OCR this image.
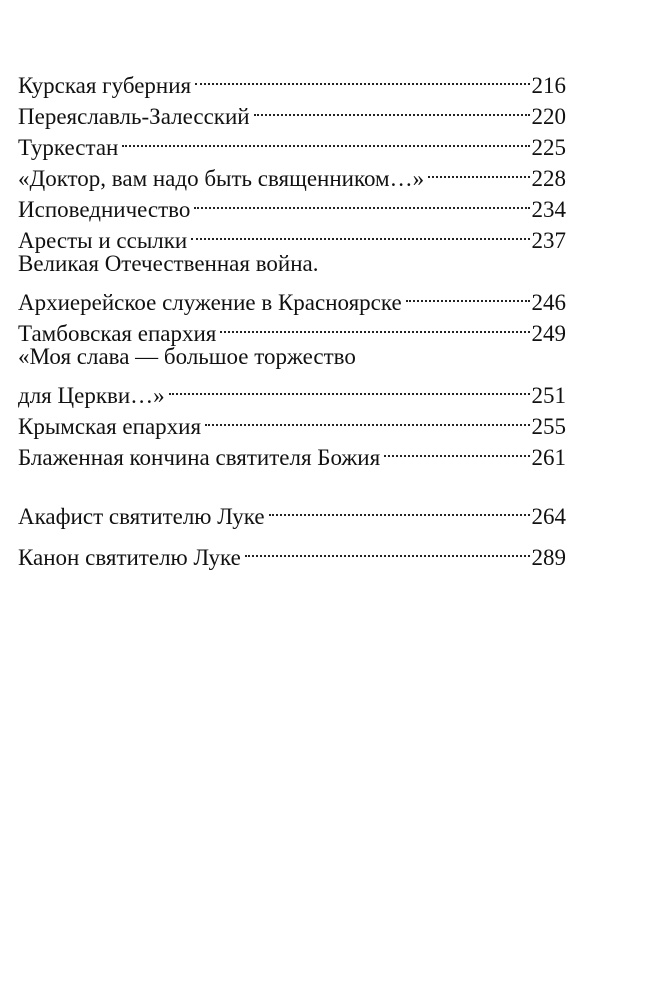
Курская губерния	216
Переяславль-Залесский	220
Туркестан	225
«Доктор, вам надо быть священником…»	228
Исповедничество	234
Аресты и ссылки	237
Великая Отечественная война.
Архиерейское служение в Красноярске	246
Тамбовская епархия	249
«Моя слава — большое торжество
для Церкви…»	251
Крымская епархия	255
Блаженная кончина святителя Божия	261
Акафист святителю Луке	264
Канон святителю Луке	289
